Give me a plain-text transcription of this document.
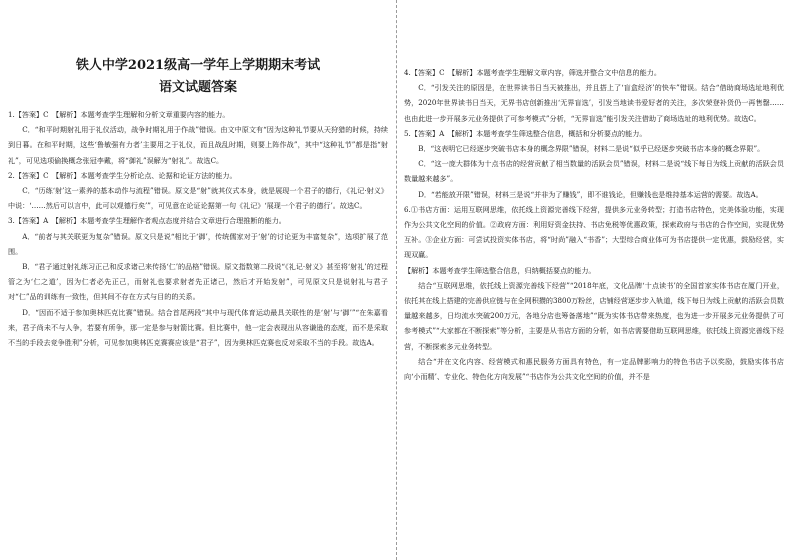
铁人中学2021级高一学年上学期期末考试
语文试题答案

1.【答案】C　【解析】本题考查学生理解和分析文章重要内容的能力。

C．“和平时期射礼用于礼仪活动，战争时期礼用于作战”错误。由文中原文有“因为这种礼节要从天狩猎的时候，持续到日暮。在和平时期，这些‘鲁敏强有力者’主要用之于礼仪，而且战乱时期，则要上阵作战”，其中“这种礼节”都是指“射礼”，可见选项偷换概念张冠李戴，将“御礼”误解为“射礼”。故选C。

2.【答案】C　【解析】本题考查学生分析论点、论据和论证方法的能力。

C．“历练‘射’这一素养的基本动作与流程”错误。原文是“射”就其仪式本身，就是展现一个君子的德行，《礼记·射义》中说：‘……然后可以言中，此可以观德行矣’”，可见意在论证论据第一句《礼记》‘展现一个君子的德行’。故选C。

3.【答案】A　【解析】本题考查学生理解作者观点态度并结合文章进行合理推断的能力。

A．“前者与其关联更为复杂”错误。原文只是说“相比于‘御’，传统儒家对于‘射’的讨论更为丰富复杂”，选项扩展了范围。

B．“君子通过射礼练习正己和反求诸己来传扬‘仁’的品格”错误。原文指数第二段说“《礼记·射义》甚至将‘射礼’的过程管之为‘仁之道’，因为仁者必先正己，而射礼也要求射者先正诸己，然后才开始发射”，可见原文只是说射礼与君子对“仁”品的训练有一致性，但其间不存在方式与目的的关系。

D．“因而不适于参加奥林匹克比赛”错误。结合首尾两段“其中与现代体育运动最具关联性的是‘射’与‘御’”“在朱嘉看来，君子尚未不与人争，若要有所争，那一定是参与射箭比赛。但比赛中，他一定会表现出从容谦逊的态度，而不是采取不当的手段去竞争胜利”分析，可见参加奥林匹克赛赛应该是“君子”，因为奥林匹克赛也反对采取不当的手段。故选A。

4.【答案】C　【解析】本题考查学生理解文章内容，筛选并整合文中信息的能力。

C．“引发关注的原因是，在世界读书日当天被推出，并且搭上了‘盲盒经济’的快车”错误。结合“借助商场选址地利优势，2020年世界读书日当天，无界书店创新推出‘无界盲选’，引发当地读书爱好者的关注，多次荣登补货仍一再售罄……也由此进一步开展多元业务提供了可参考模式”分析，“无界盲选”能引发关注借助了商场选址的地利优势。故选C。

5.【答案】A　【解析】本题考查学生筛选整合信息，概括和分析要点的能力。

B．“这表明它已经逐步突破书店本身的概念界限”错误，材料二是说“似乎已经逐步突破书店本身的概念界限”。

C．“这一庞大群体为十点书店的经营贡献了相当数量的活跃会员”错误，材料二是说“线下每日为线上贡献的活跃会员数量越来越多”。

D．“若能放开限”错误，材料三是说“并非为了赚钱”，即不谁钱论，但赚钱也是维持基本运营的需要。故选A。

6.①书店方面：运用互联网思维，依托线上资源完善线下经营，提供多元业务转型；打造书店特色，完美体验功能，实现作为公共文化空间的价值。②政府方面：利用好资金扶持、书店免税等优惠政策，探索政府与书店的合作空间，实现优势互补。③企业方面：可尝试投资实体书店，将“时尚”融入“书香”；大型综合商业体可为书店提供一定优惠，鼓励经营，实现双赢。

【解析】本题考查学生筛选整合信息，归纳概括要点的能力。

结合“互联网思维，依托线上资源完善线下经营”“2018年底，文化品牌‘十点读书’的全国首家实体书店在厦门开业，依托其在线上搭建的完善供应链与在全网积攒的3800万粉丝，店铺经营逐步步入轨道，线下每日为线上贡献的活跃会员数量越来越多，日均流水突破200万元，各地分店也筹备落地”“既为实体书店带来热度，也为进一步开展多元业务提供了可参考模式”“大家都在不断探索”等分析，主要是从书店方面的分析，如书店需要借助互联网思维，依托线上资源完善线下经营，不断探索多元业务转型。

结合“并在文化内容、经营模式和惠民服务方面具有特色，有一定品牌影响力的特色书店予以奖励，鼓励实体书店向‘小而精’、专业化、特色化方向发展”“书店作为公共文化空间的价值，并不是
